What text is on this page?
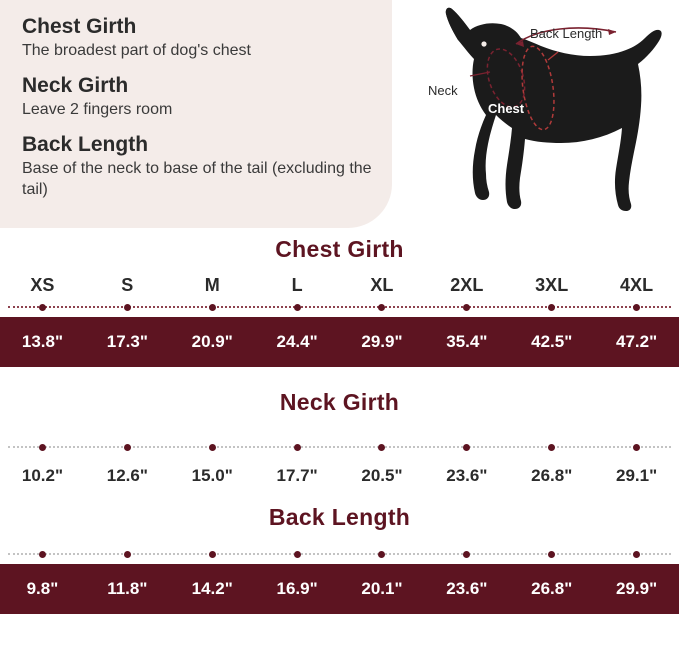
Chest Girth

The broadest part of dog's chest

Neck Girth

Leave 2 fingers room

Back Length

Base of the neck to base of the tail (excluding the tail)

Back Length
Neck
Chest
Chest Girth
XS	S	M	L	XL	2XL	3XL	4XL
13.8"	17.3"	20.9"	24.4"	29.9"	35.4"	42.5"	47.2"
Neck Girth
10.2"	12.6"	15.0"	17.7"	20.5"	23.6"	26.8"	29.1"
Back Length
9.8"	11.8"	14.2"	16.9"	20.1"	23.6"	26.8"	29.9"
